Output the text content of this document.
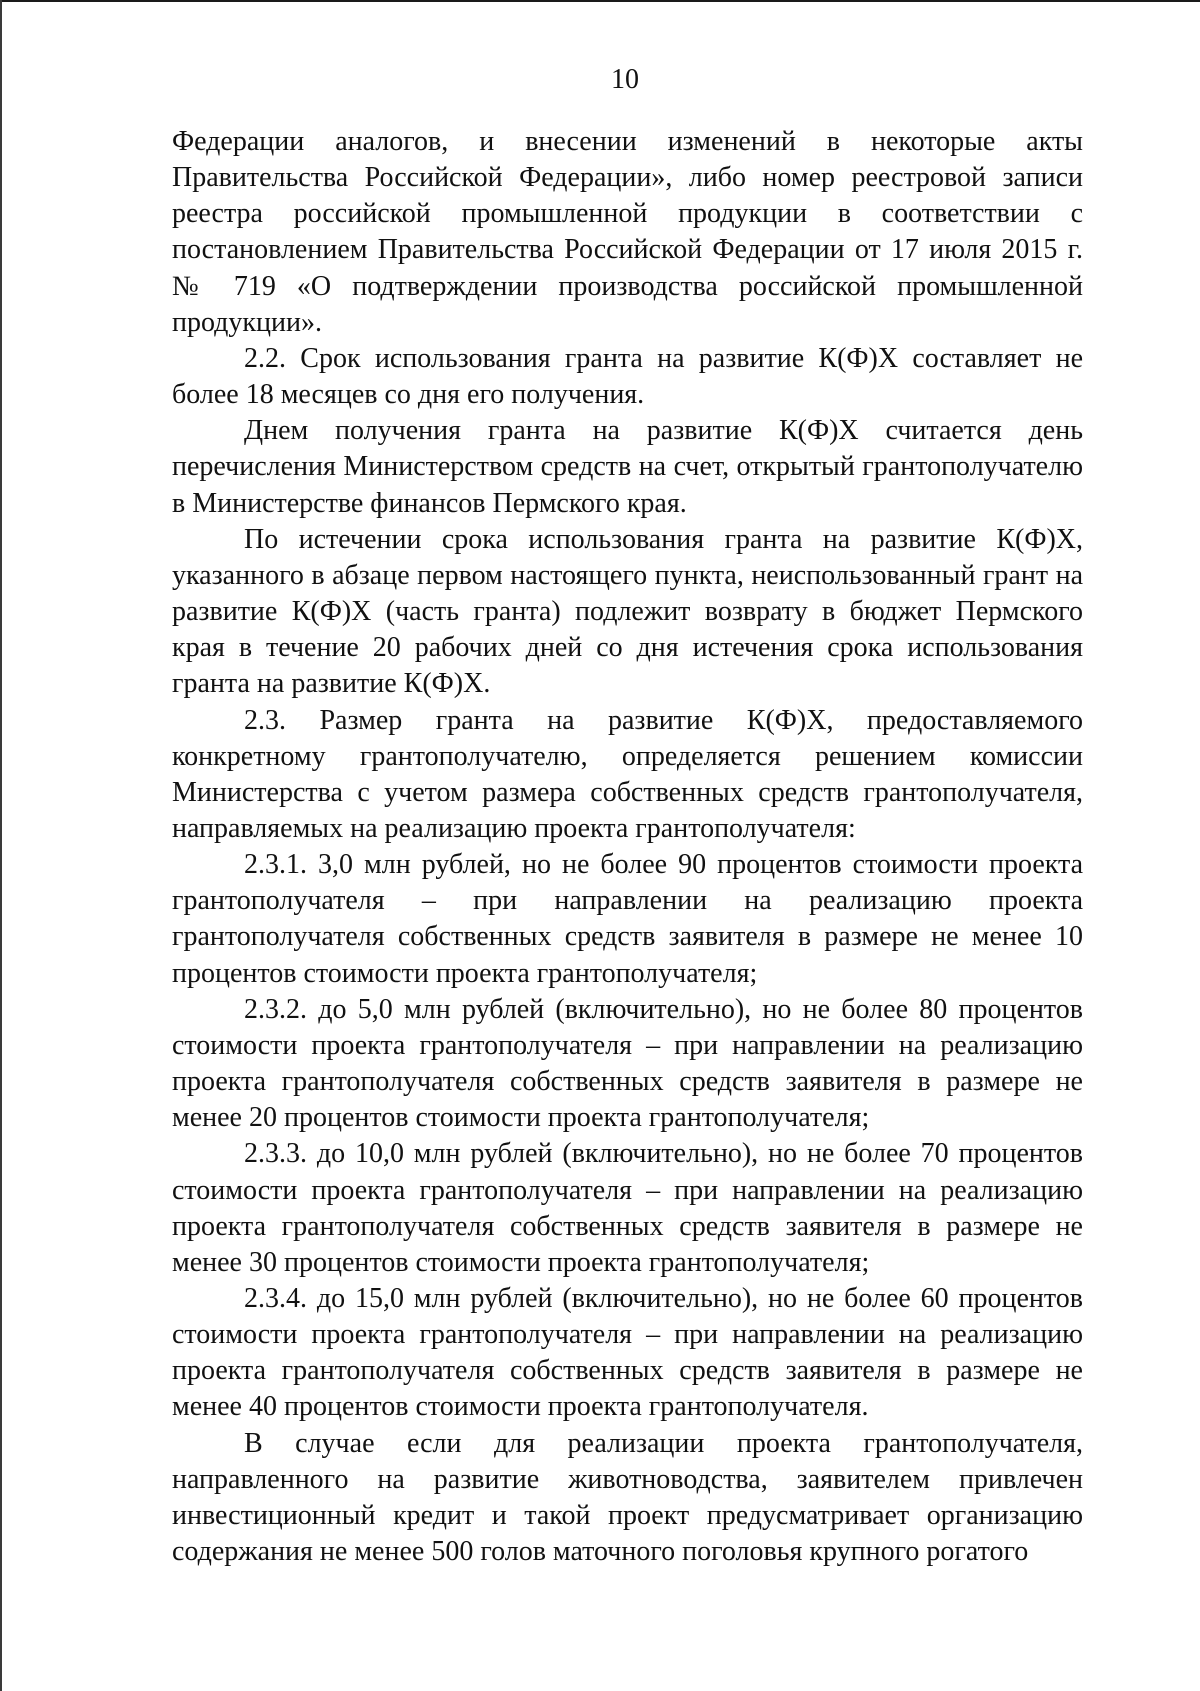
10

Федерации аналогов, и внесении изменений в некоторые акты Правительства Российской Федерации», либо номер реестровой записи реестра российской промышленной продукции в соответствии с постановлением Правительства Российской Федерации от 17 июля 2015 г. № 719 «О подтверждении производства российской промышленной продукции».

2.2. Срок использования гранта на развитие К(Ф)Х составляет не более 18 месяцев со дня его получения.

Днем получения гранта на развитие К(Ф)Х считается день перечисления Министерством средств на счет, открытый грантополучателю в Министерстве финансов Пермского края.

По истечении срока использования гранта на развитие К(Ф)Х, указанного в абзаце первом настоящего пункта, неиспользованный грант на развитие К(Ф)Х (часть гранта) подлежит возврату в бюджет Пермского края в течение 20 рабочих дней со дня истечения срока использования гранта на развитие К(Ф)Х.

2.3. Размер гранта на развитие К(Ф)Х, предоставляемого конкретному грантополучателю, определяется решением комиссии Министерства с учетом размера собственных средств грантополучателя, направляемых на реализацию проекта грантополучателя:

2.3.1. 3,0 млн рублей, но не более 90 процентов стоимости проекта грантополучателя – при направлении на реализацию проекта грантополучателя собственных средств заявителя в размере не менее 10 процентов стоимости проекта грантополучателя;

2.3.2. до 5,0 млн рублей (включительно), но не более 80 процентов стоимости проекта грантополучателя – при направлении на реализацию проекта грантополучателя собственных средств заявителя в размере не менее 20 процентов стоимости проекта грантополучателя;

2.3.3. до 10,0 млн рублей (включительно), но не более 70 процентов стоимости проекта грантополучателя – при направлении на реализацию проекта грантополучателя собственных средств заявителя в размере не менее 30 процентов стоимости проекта грантополучателя;

2.3.4. до 15,0 млн рублей (включительно), но не более 60 процентов стоимости проекта грантополучателя – при направлении на реализацию проекта грантополучателя собственных средств заявителя в размере не менее 40 процентов стоимости проекта грантополучателя.

В случае если для реализации проекта грантополучателя, направленного на развитие животноводства, заявителем привлечен инвестиционный кредит и такой проект предусматривает организацию содержания не менее 500 голов маточного поголовья крупного рогатого
